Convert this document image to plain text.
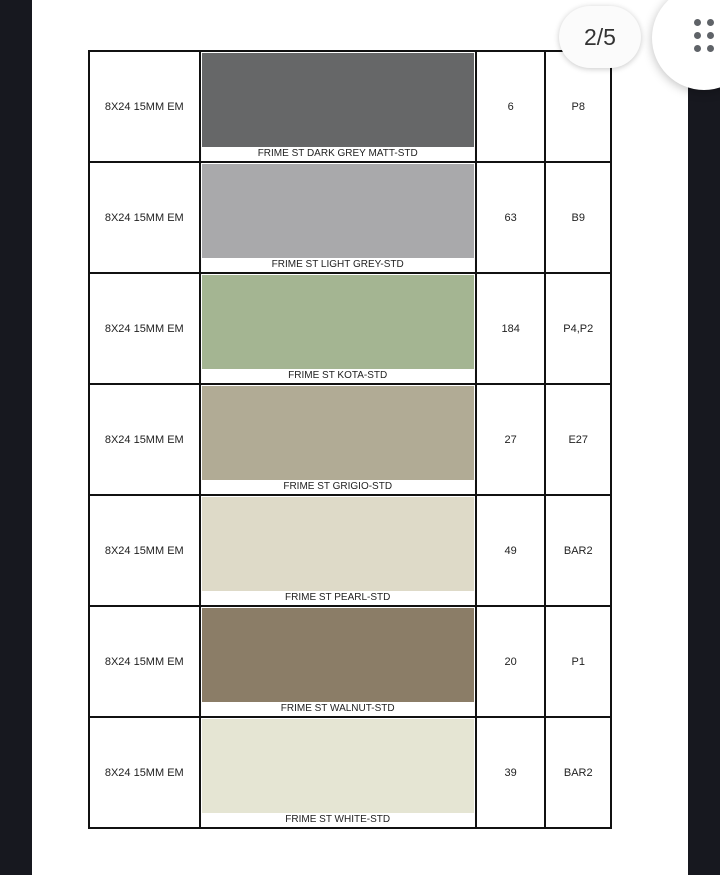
8X24 15MM EM	FRIME ST DARK GREY MATT-STD	6	P8
8X24 15MM EM	FRIME ST LIGHT GREY-STD	63	B9
8X24 15MM EM	FRIME ST KOTA-STD	184	P4,P2
8X24 15MM EM	FRIME ST GRIGIO-STD	27	E27
8X24 15MM EM	FRIME ST PEARL-STD	49	BAR2
8X24 15MM EM	FRIME ST WALNUT-STD	20	P1
8X24 15MM EM	FRIME ST WHITE-STD	39	BAR2
2/5
